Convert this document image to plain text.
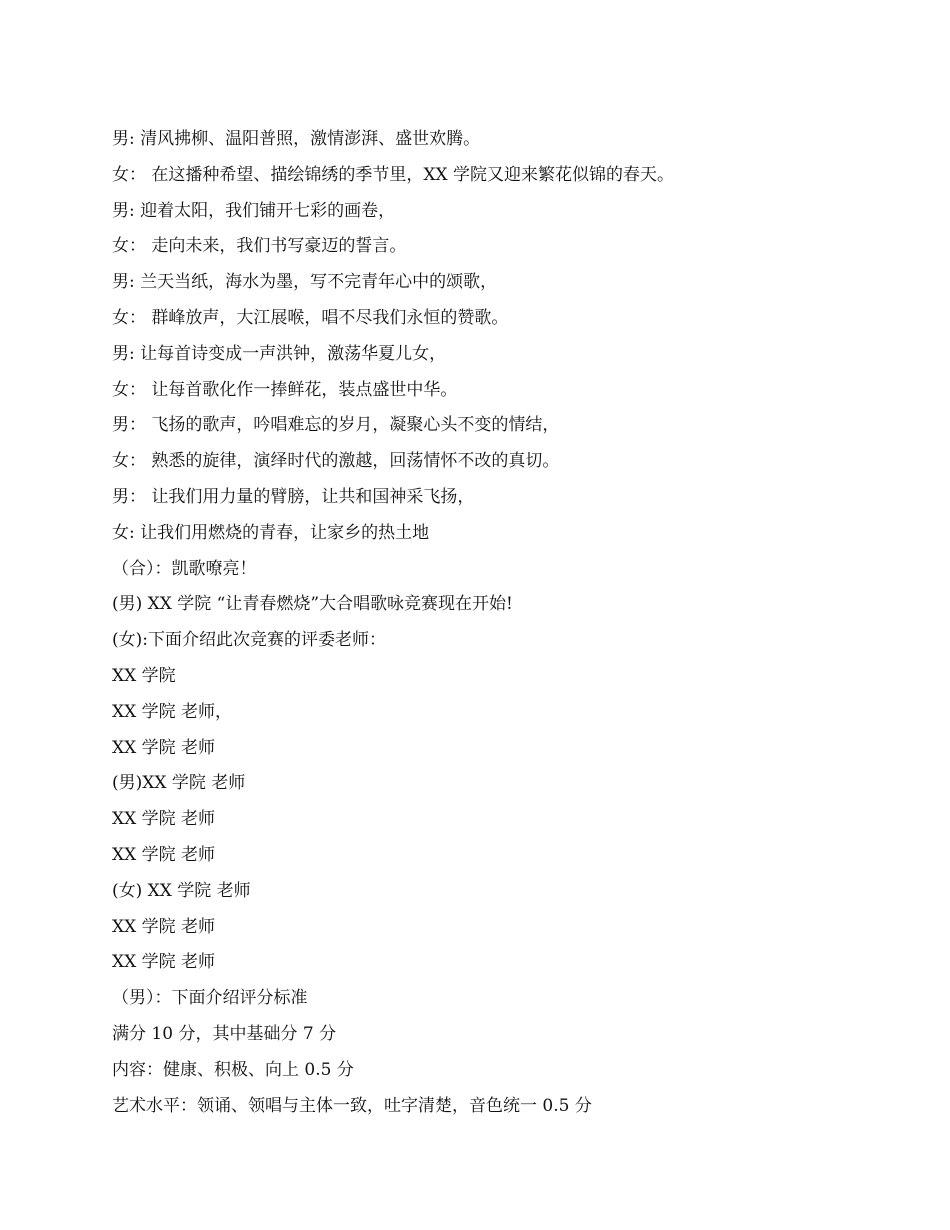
男: 清风拂柳、温阳普照，激情澎湃、盛世欢腾。
女： 在这播种希望、描绘锦绣的季节里，XX 学院又迎来繁花似锦的春天。
男: 迎着太阳，我们铺开七彩的画卷，
女： 走向未来，我们书写豪迈的誓言。
男: 兰天当纸，海水为墨，写不完青年心中的颂歌，
女： 群峰放声，大江展喉，唱不尽我们永恒的赞歌。
男: 让每首诗变成一声洪钟，激荡华夏儿女，
女： 让每首歌化作一捧鲜花，装点盛世中华。
男： 飞扬的歌声，吟唱难忘的岁月，凝聚心头不变的情结，
女： 熟悉的旋律，演绎时代的激越，回荡情怀不改的真切。
男： 让我们用力量的臂膀，让共和国神采飞扬，
女: 让我们用燃烧的青春，让家乡的热土地
（合）：凯歌嘹亮！
(男) XX 学院 “让青春燃烧”大合唱歌咏竞赛现在开始!
(女):下面介绍此次竞赛的评委老师：
XX 学院
XX 学院 老师，
XX 学院 老师
(男)XX 学院 老师
XX 学院 老师
XX 学院 老师
(女) XX 学院 老师
XX 学院 老师
XX 学院 老师
（男）：下面介绍评分标准
满分 10 分，其中基础分 7 分
内容：健康、积极、向上 0.5 分
艺术水平：领诵、领唱与主体一致，吐字清楚，音色统一 0.5 分
